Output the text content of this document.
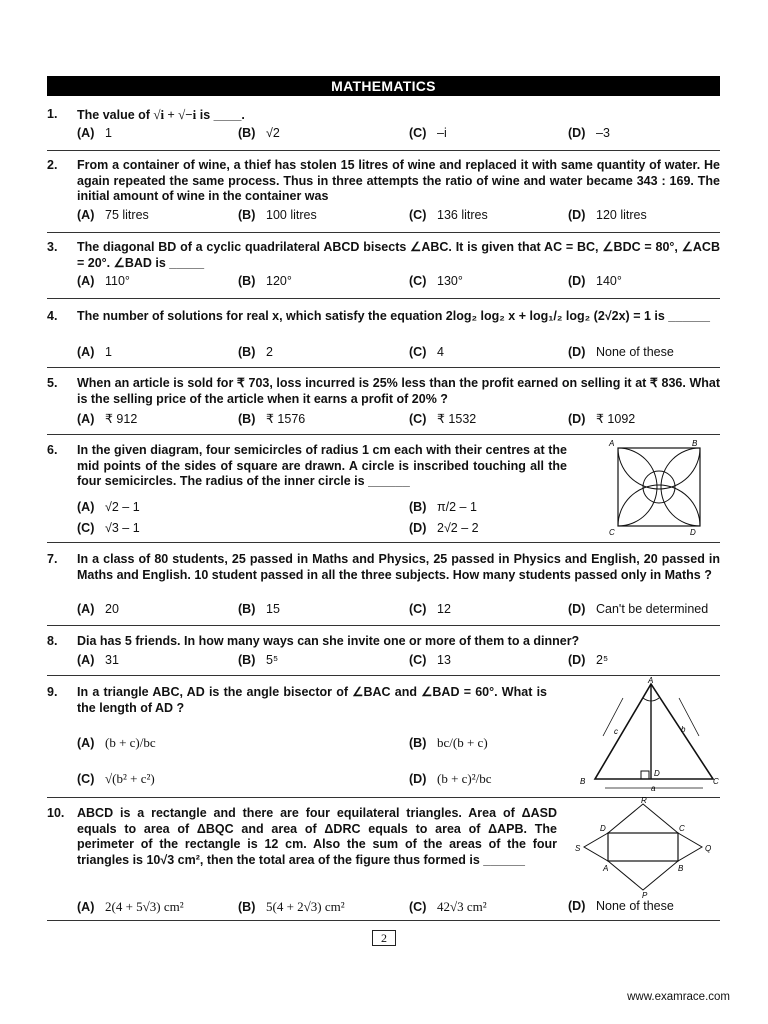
MATHEMATICS
1. The value of √i + √−i is ____.
(A) 1	(B) √2	(C) –i	(D) –3
2. From a container of wine, a thief has stolen 15 litres of wine and replaced it with same quantity of water. He again repeated the same process. Thus in three attempts the ratio of wine and water became 343 : 169. The initial amount of wine in the container was
(A) 75 litres	(B) 100 litres	(C) 136 litres	(D) 120 litres
3. The diagonal BD of a cyclic quadrilateral ABCD bisects ∠ABC. It is given that AC = BC, ∠BDC = 80°, ∠ACB = 20°. ∠BAD is _____
(A) 110°	(B) 120°	(C) 130°	(D) 140°
4. The number of solutions for real x, which satisfy the equation 2log₂ log₂ x + log₁/₂ log₂ (2√2x) = 1 is ______
(A) 1	(B) 2	(C) 4	(D) None of these
5. When an article is sold for ₹ 703, loss incurred is 25% less than the profit earned on selling it at ₹ 836. What is the selling price of the article when it earns a profit of 20% ?
(A) ₹ 912	(B) ₹ 1576	(C) ₹ 1532	(D) ₹ 1092
6. In the given diagram, four semicircles of radius 1 cm each with their centres at the mid points of the sides of square are drawn. A circle is inscribed touching all the four semicircles. The radius of the inner circle is ______
(A) √2 – 1	(B) π/2 – 1
(C) √3 – 1	(D) 2√2 – 2
A	B
C	D
7. In a class of 80 students, 25 passed in Maths and Physics, 25 passed in Physics and English, 20 passed in Maths and English. 10 student passed in all the three subjects. How many students passed only in Maths ?
(A) 20	(B) 15	(C) 12	(D) Can't be determined
8. Dia has 5 friends. In how many ways can she invite one or more of them to a dinner?
(A) 31	(B) 5⁵	(C) 13	(D) 2⁵
9. In a triangle ABC, AD is the angle bisector of ∠BAC and ∠BAD = 60°. What is the length of AD ?
(A) (b + c)/bc	(B) bc/(b + c)
(C) √(b² + c²)	(D) (b + c)²/bc
A
B	C
D
c	b
a
10. ABCD is a rectangle and there are four equilateral triangles. Area of ΔASD equals to area of ΔBQC and area of ΔDRC equals to area of ΔAPB. The perimeter of the rectangle is 12 cm. Also the sum of the areas of the four triangles is 10√3 cm², then the total area of the figure thus formed is ______
(A) 2(4 + 5√3) cm²	(B) 5(4 + 2√3) cm²	(C) 42√3 cm²	(D) None of these
R
D	C
S	Q
A	B
P
2
www.examrace.com
